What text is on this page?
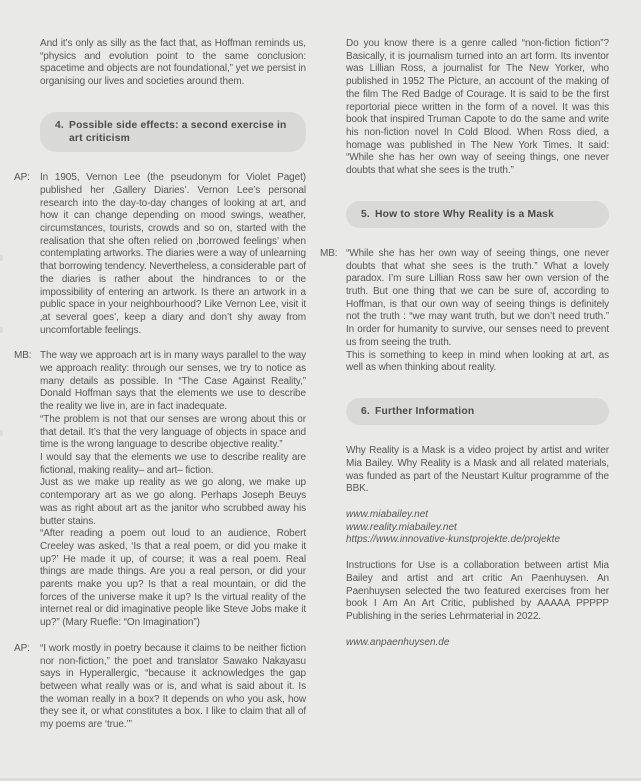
And it’s only as silly as the fact that, as Hoffman reminds us, “physics and evolution point to the same conclusion: spacetime and objects are not foundational,” yet we persist in organising our lives and societies around them.
4. Possible side effects: a second exercise in art criticism
AP:	In 1905, Vernon Lee (the pseudonym for Violet Paget) published her ‚Gallery Diaries’. Vernon Lee’s personal research into the day-to-day changes of looking at art, and how it can change depending on mood swings, weather, circumstances, tourists, crowds and so on, started with the realisation that she often relied on ‚borrowed feelings’ when contemplating artworks. The diaries were a way of unlearning that borrowing tendency. Nevertheless, a considerable part of the diaries is rather about the hindrances to or the impossibility of entering an artwork. Is there an artwork in a public space in your neighbourhood? Like Vernon Lee, visit it ‚at several goes’, keep a diary and don’t shy away from uncomfortable feelings.
MB: The way we approach art is in many ways parallel to the way we approach reality: through our senses, we try to notice as many details as possible. In “The Case Against Reality,” Donald Hoffman says that the elements we use to describe the reality we live in, are in fact inadequate.
“The problem is not that our senses are wrong about this or that detail. It’s that the very language of objects in space and time is the wrong language to describe objective reality.”
I would say that the elements we use to describe reality are fictional, making reality– and art– fiction.
Just as we make up reality as we go along, we make up contemporary art as we go along. Perhaps Joseph Beuys was as right about art as the janitor who scrubbed away his butter stains.
“After reading a poem out loud to an audience, Robert Creeley was asked, ‘Is that a real poem, or did you make it up?’ He made it up, of course; it was a real poem. Real things are made things. Are you a real person, or did your parents make you up? Is that a real mountain, or did the forces of the universe make it up? Is the virtual reality of the internet real or did imaginative people like Steve Jobs make it up?” (Mary Ruefle: “On Imagination”)
AP:	“I work mostly in poetry because it claims to be neither fiction nor non-fiction,” the poet and translator Sawako Nakayasu says in Hyperallergic, “because it acknowledges the gap between what really was or is, and what is said about it. Is the woman really in a box? It depends on who you ask, how they see it, or what constitutes a box. I like to claim that all of my poems are ‘true.’”
Do you know there is a genre called “non-fiction fiction”? Basically, it is journalism turned into an art form. Its inventor was Lillian Ross, a journalist for The New Yorker, who published in 1952 The Picture, an account of the making of the film The Red Badge of Courage. It is said to be the first reportorial piece written in the form of a novel. It was this book that inspired Truman Capote to do the same and write his non-fiction novel In Cold Blood. When Ross died, a homage was published in The New York Times. It said: “While she has her own way of seeing things, one never doubts that what she sees is the truth.”
5. How to store Why Reality is a Mask
MB: “While she has her own way of seeing things, one never doubts that what she sees is the truth.” What a lovely paradox. I’m sure Lillian Ross saw her own version of the truth. But one thing that we can be sure of, according to Hoffman, is that our own way of seeing things is definitely not the truth : “we may want truth, but we don’t need truth.” In order for humanity to survive, our senses need to prevent us from seeing the truth.
This is something to keep in mind when looking at art, as well as when thinking about reality.
6. Further Information
Why Reality is a Mask is a video project by artist and writer Mia Bailey. Why Reality is a Mask and all related materials, was funded as part of the Neustart Kultur programme of the BBK.
www.miabailey.net
www.reality.miabailey.net
https://www.innovative-kunstprojekte.de/projekte
Instructions for Use is a collaboration between artist Mia Bailey and artist and art critic An Paenhuysen. An Paenhuysen selected the two featured exercises from her book I Am An Art Critic, published by AAAAA PPPPP Publishing in the series Lehrmaterial in 2022.
www.anpaenhuysen.de
